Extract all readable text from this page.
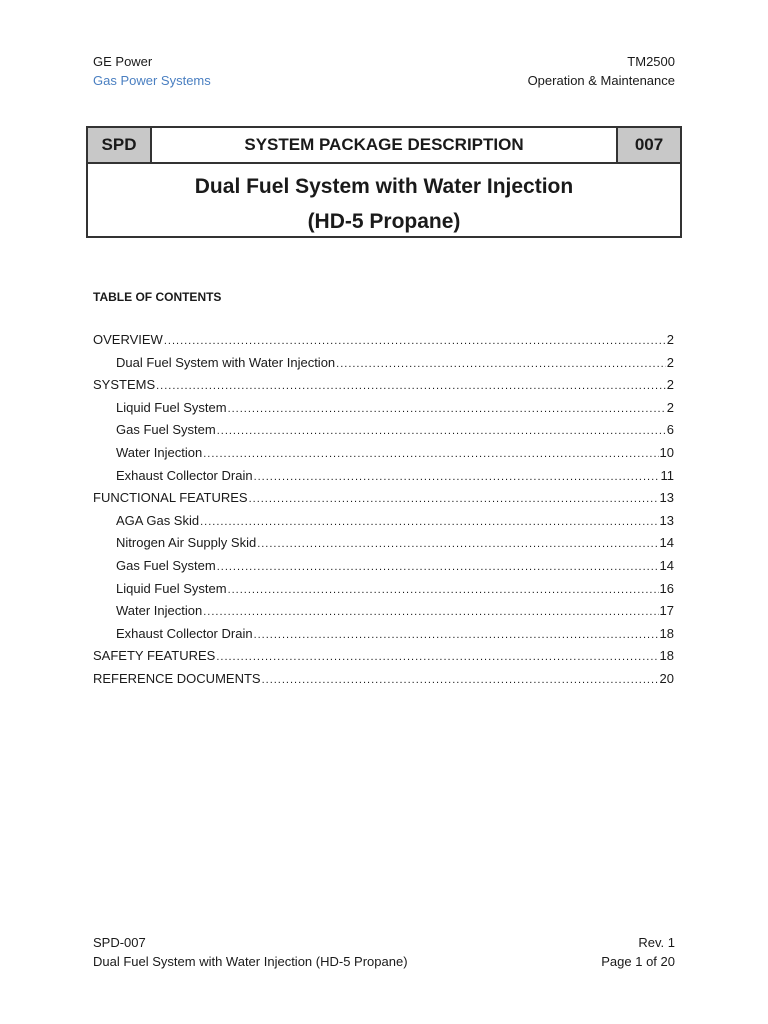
GE Power
Gas Power Systems
TM2500
Operation & Maintenance
SPD	SYSTEM PACKAGE DESCRIPTION	007
Dual Fuel System with Water Injection
(HD-5 Propane)
TABLE OF CONTENTS
OVERVIEW .....	2
Dual Fuel System with Water Injection .....	2
SYSTEMS .....	2
Liquid Fuel System .....	2
Gas Fuel System .....	6
Water Injection .....	10
Exhaust Collector Drain .....	11
FUNCTIONAL FEATURES .....	13
AGA Gas Skid .....	13
Nitrogen Air Supply Skid .....	14
Gas Fuel System .....	14
Liquid Fuel System .....	16
Water Injection .....	17
Exhaust Collector Drain .....	18
SAFETY FEATURES .....	18
REFERENCE DOCUMENTS .....	20
SPD-007
Dual Fuel System with Water Injection (HD-5 Propane)
Rev. 1
Page 1 of 20
